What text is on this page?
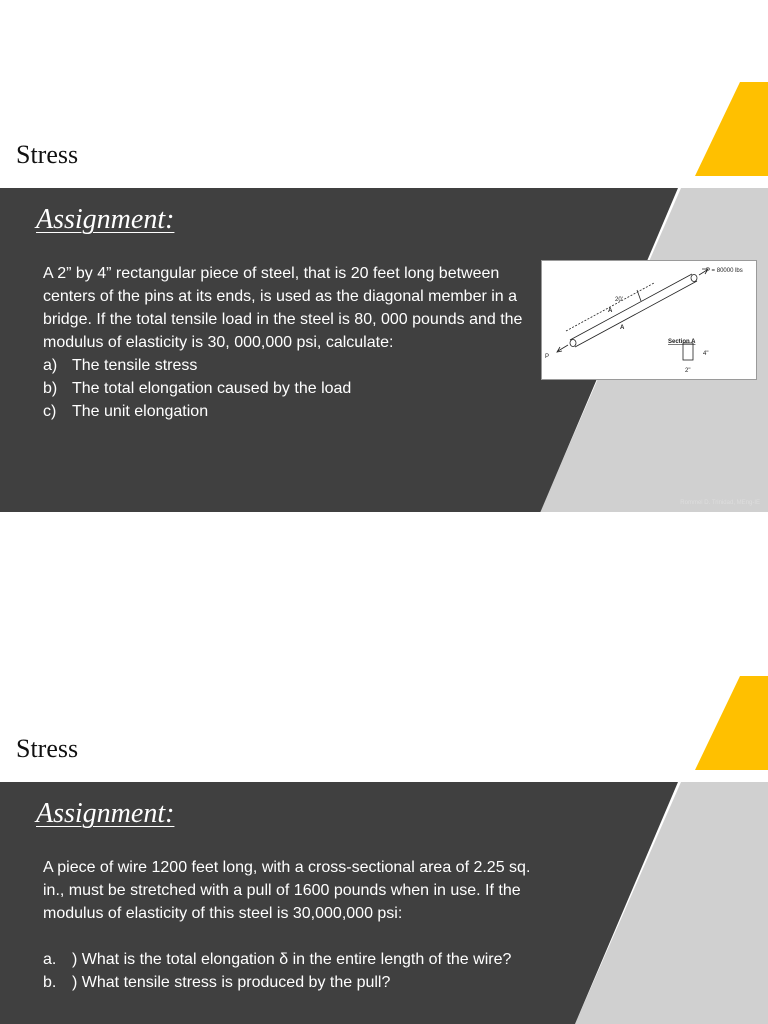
Stress
Assignment:

A 2” by 4” rectangular piece of steel, that is 20 feet long between centers of the pins at its ends, is used as the diagonal member in a bridge. If the total tensile load in the steel is 80, 000 pounds and the modulus of elasticity is 30, 000,000 psi, calculate:

a) The tensile stress
b) The total elongation caused by the load
c) The unit elongation
P = 80000 lbs
20'
A
A
Section A
4"
2"
P
Rommel D. Trinidad, MEng-IE
Stress
Assignment:

A piece of wire 1200 feet long, with a cross-sectional area of 2.25 sq. in., must be stretched with a pull of 1600 pounds when in use. If the modulus of elasticity of this steel is 30,000,000 psi:

a. ) What is the total elongation δ in the entire length of the wire?
b. ) What tensile stress is produced by the pull?
